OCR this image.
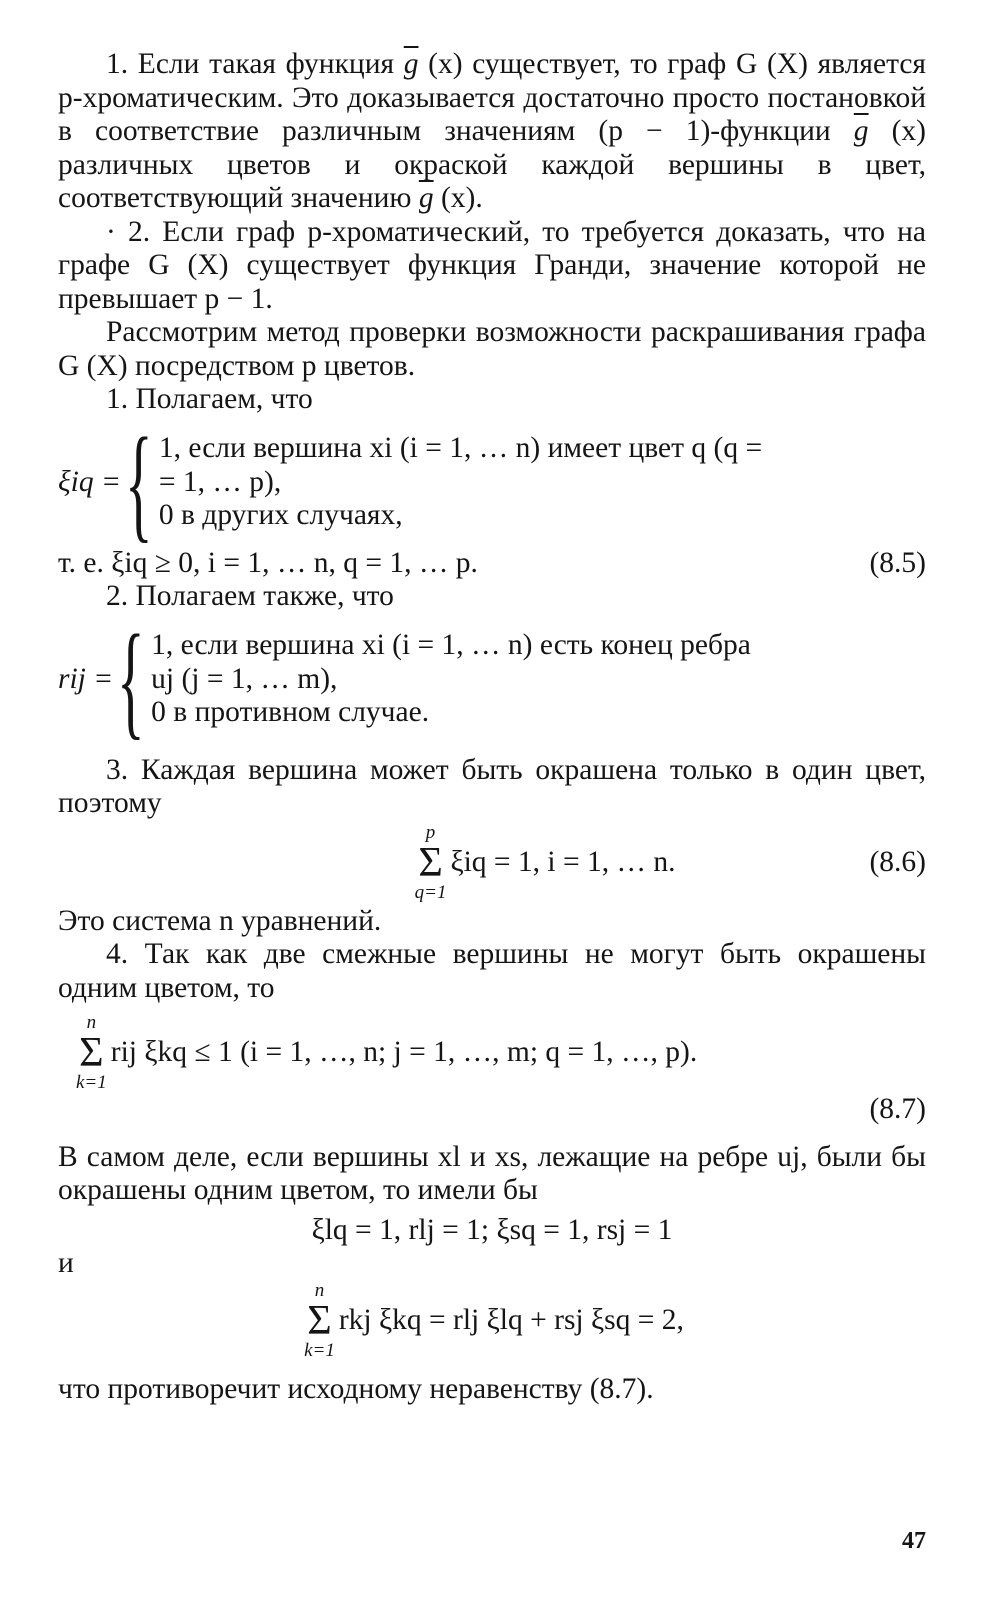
1. Если такая функция $\overline{g}$ (x) существует, то граф G (X) является p-хроматическим. Это доказывается достаточно просто постановкой в соответствие различным значениям (p − 1)-функции $\overline{g}$ (x) различных цветов и окраской каждой вершины в цвет, соответствующий значению $\overline{g}$ (x).

· 2. Если граф p-хроматический, то требуется доказать, что на графе G (X) существует функция Гранди, значение которой не превышает p − 1.

Рассмотрим метод проверки возможности раскрашивания графа G (X) посредством p цветов.

1. Полагаем, что

ξiq = { 1, если вершина xi (i = 1, … n) имеет цвет q (q =
= 1, … p),
0 в других случаях,
т. е. ξiq ≥ 0, i = 1, … n, q = 1, … p.	(8.5)

2. Полагаем также, что

rij = { 1, если вершина xi (i = 1, … n) есть конец ребра
uj (j = 1, … m),
0 в противном случае.

3. Каждая вершина может быть окрашена только в один цвет, поэтому

p
Σ
q=1
ξiq = 1, i = 1, … n.	(8.6)

Это система n уравнений.

4. Так как две смежные вершины не могут быть окрашены одним цветом, то

n
Σ
k=1
rij ξkq ≤ 1 (i = 1, …, n; j = 1, …, m; q = 1, …, p).
(8.7)

В самом деле, если вершины xl и xs, лежащие на ребре uj, были бы окрашены одним цветом, то имели бы

ξlq = 1, rlj = 1; ξsq = 1, rsj = 1
и
n
Σ
k=1
rkj ξkq = rlj ξlq + rsj ξsq = 2,

что противоречит исходному неравенству (8.7).

47
